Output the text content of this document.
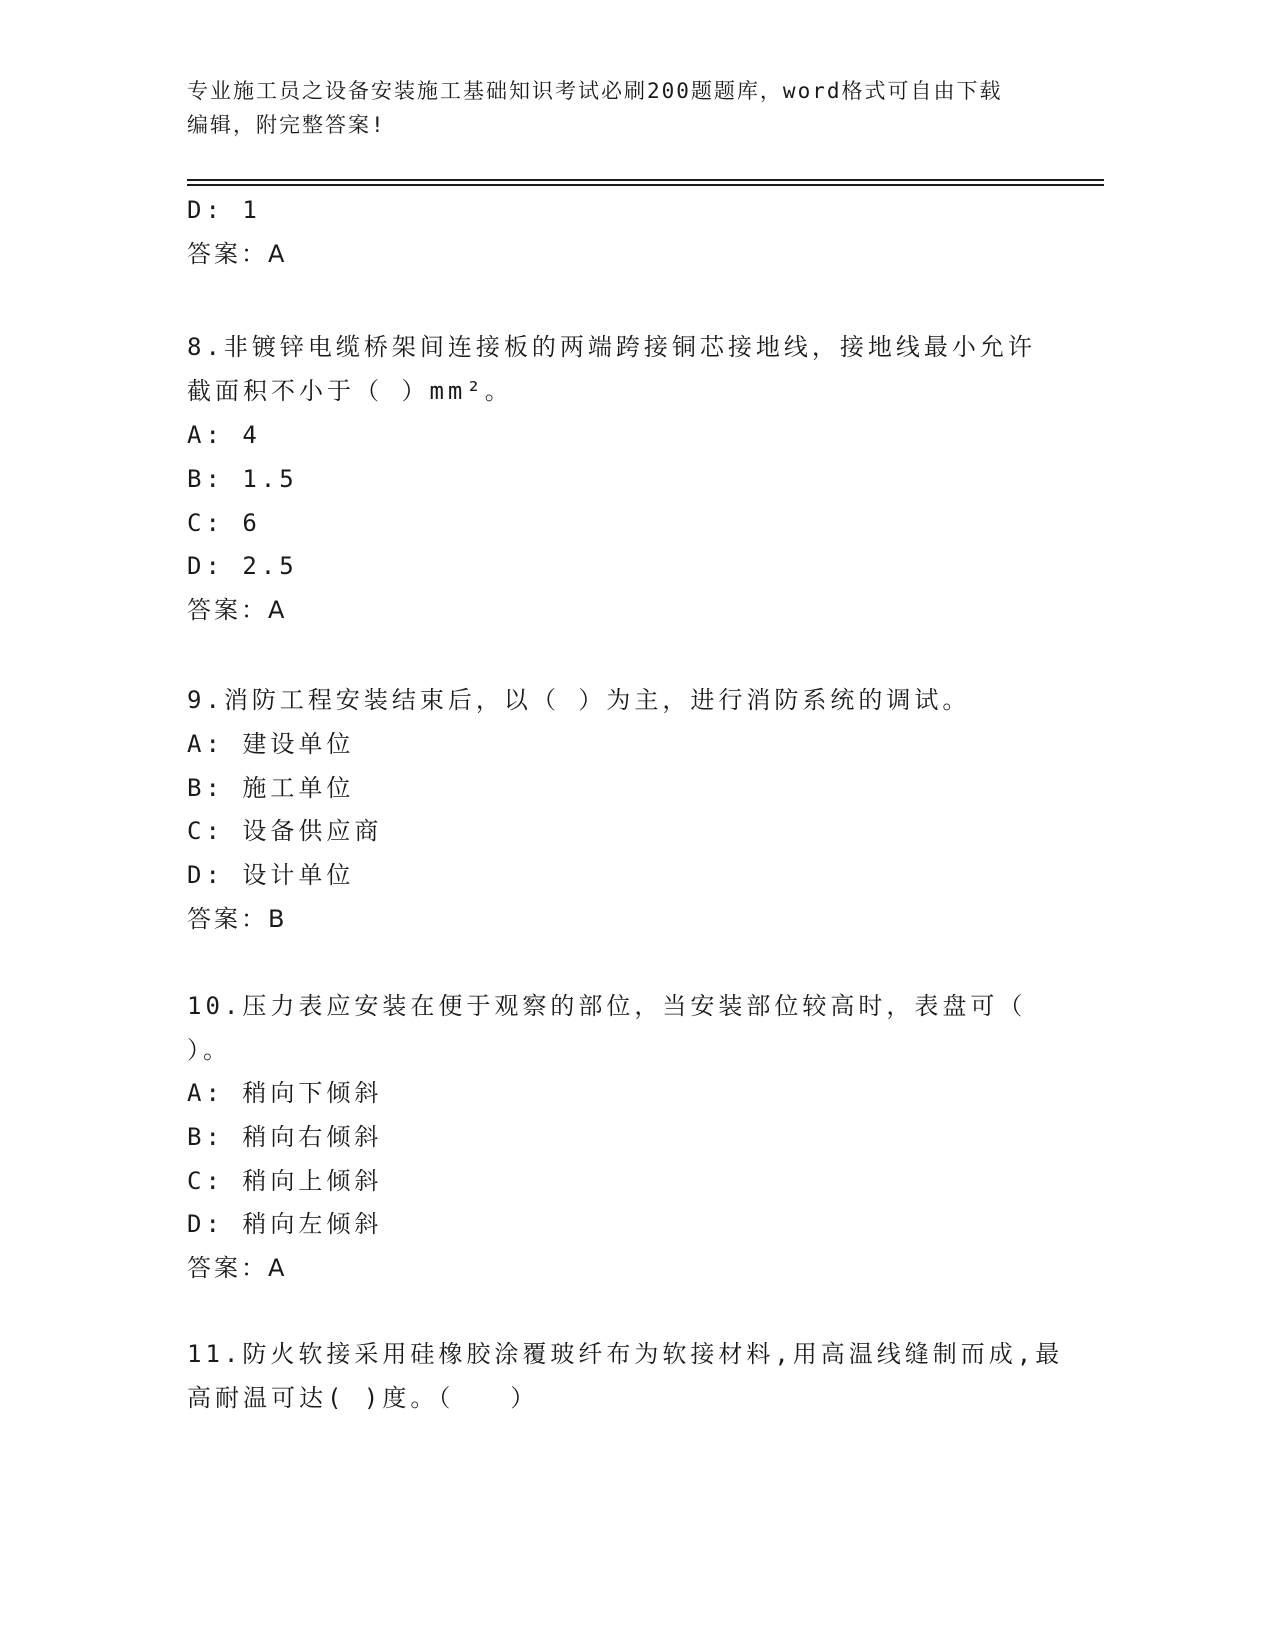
专业施工员之设备安装施工基础知识考试必刷200题题库，word格式可自由下载
编辑，附完整答案!
D: 1
答案：A
8.非镀锌电缆桥架间连接板的两端跨接铜芯接地线，接地线最小允许
截面积不小于（ ）mm²。
A: 4
B: 1.5
C: 6
D: 2.5
答案：A
9.消防工程安装结束后，以（ ）为主，进行消防系统的调试。
A: 建设单位
B: 施工单位
C: 设备供应商
D: 设计单位
答案：B
10.压力表应安装在便于观察的部位，当安装部位较高时，表盘可（
）。
A: 稍向下倾斜
B: 稍向右倾斜
C: 稍向上倾斜
D: 稍向左倾斜
答案：A
11.防火软接采用硅橡胶涂覆玻纤布为软接材料,用高温线缝制而成,最
高耐温可达( )度。（　　）
